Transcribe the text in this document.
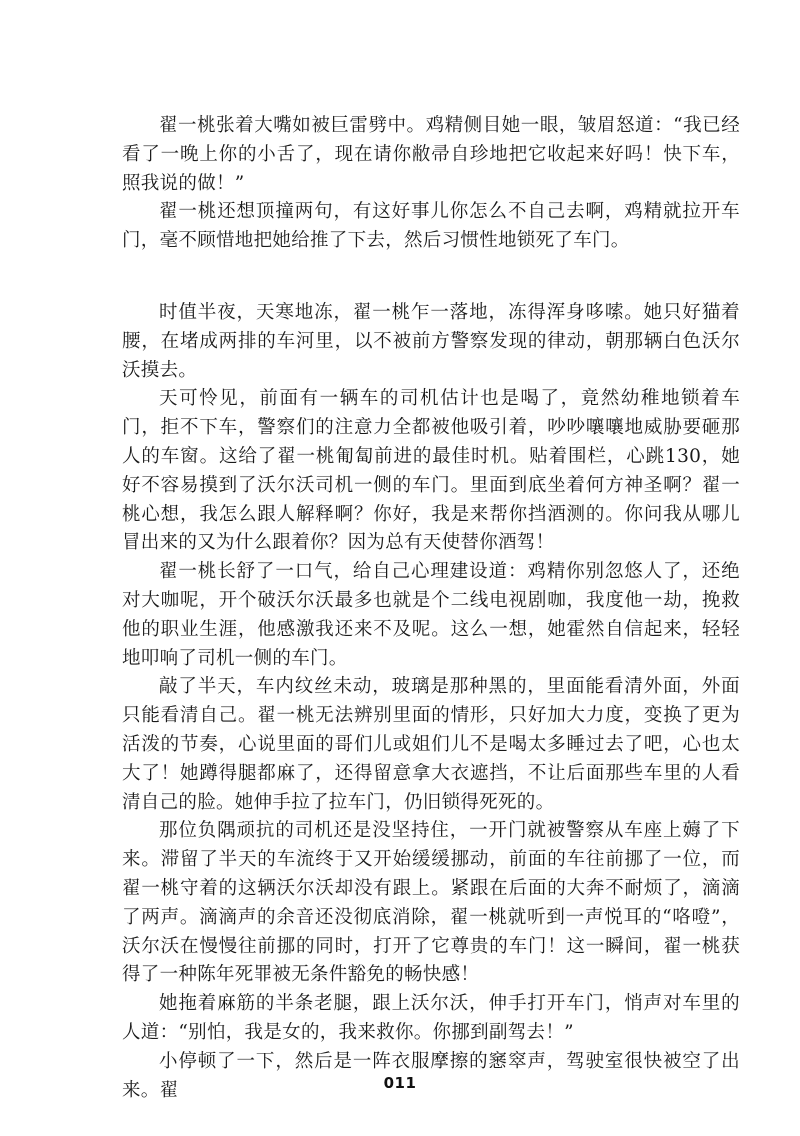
翟一桃张着大嘴如被巨雷劈中。鸡精侧目她一眼，皱眉怒道：“我已经看了一晚上你的小舌了，现在请你敝帚自珍地把它收起来好吗！快下车，照我说的做！”

翟一桃还想顶撞两句，有这好事儿你怎么不自己去啊，鸡精就拉开车门，毫不顾惜地把她给推了下去，然后习惯性地锁死了车门。

时值半夜，天寒地冻，翟一桃乍一落地，冻得浑身哆嗦。她只好猫着腰，在堵成两排的车河里，以不被前方警察发现的律动，朝那辆白色沃尔沃摸去。

天可怜见，前面有一辆车的司机估计也是喝了，竟然幼稚地锁着车门，拒不下车，警察们的注意力全都被他吸引着，吵吵嚷嚷地威胁要砸那人的车窗。这给了翟一桃匍匐前进的最佳时机。贴着围栏，心跳130，她好不容易摸到了沃尔沃司机一侧的车门。里面到底坐着何方神圣啊？翟一桃心想，我怎么跟人解释啊？你好，我是来帮你挡酒测的。你问我从哪儿冒出来的又为什么跟着你？因为总有天使替你酒驾！

翟一桃长舒了一口气，给自己心理建设道：鸡精你别忽悠人了，还绝对大咖呢，开个破沃尔沃最多也就是个二线电视剧咖，我度他一劫，挽救他的职业生涯，他感激我还来不及呢。这么一想，她霍然自信起来，轻轻地叩响了司机一侧的车门。

敲了半天，车内纹丝未动，玻璃是那种黑的，里面能看清外面，外面只能看清自己。翟一桃无法辨别里面的情形，只好加大力度，变换了更为活泼的节奏，心说里面的哥们儿或姐们儿不是喝太多睡过去了吧，心也太大了！她蹲得腿都麻了，还得留意拿大衣遮挡，不让后面那些车里的人看清自己的脸。她伸手拉了拉车门，仍旧锁得死死的。

那位负隅顽抗的司机还是没坚持住，一开门就被警察从车座上薅了下来。滞留了半天的车流终于又开始缓缓挪动，前面的车往前挪了一位，而翟一桃守着的这辆沃尔沃却没有跟上。紧跟在后面的大奔不耐烦了，滴滴了两声。滴滴声的余音还没彻底消除，翟一桃就听到一声悦耳的“咯噔”，沃尔沃在慢慢往前挪的同时，打开了它尊贵的车门！这一瞬间，翟一桃获得了一种陈年死罪被无条件豁免的畅快感！

她拖着麻筋的半条老腿，跟上沃尔沃，伸手打开车门，悄声对车里的人道：“别怕，我是女的，我来救你。你挪到副驾去！”

小停顿了一下，然后是一阵衣服摩擦的窸窣声，驾驶室很快被空了出来。翟	011
